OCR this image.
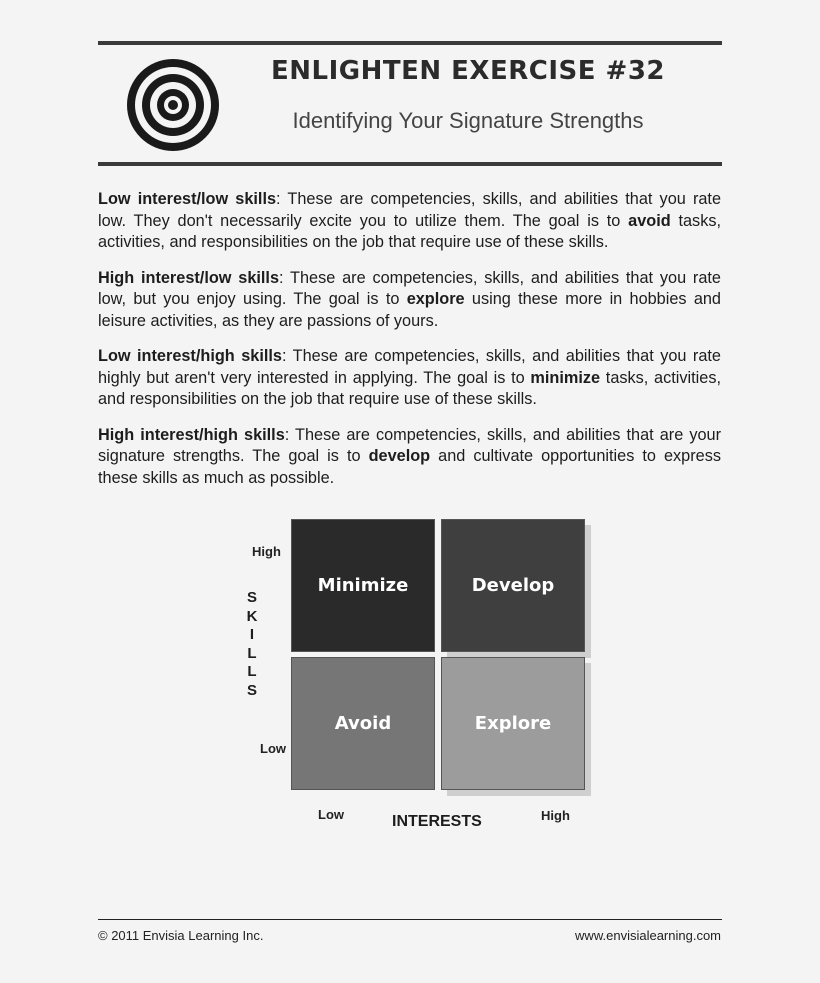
ENLIGHTEN EXERCISE #32
Identifying Your Signature Strengths

Low interest/low skills: These are competencies, skills, and abilities that you rate low. They don't necessarily excite you to utilize them. The goal is to avoid tasks, activities, and responsibilities on the job that require use of these skills.

High interest/low skills: These are competencies, skills, and abilities that you rate low, but you enjoy using. The goal is to explore using these more in hobbies and leisure activities, as they are passions of yours.

Low interest/high skills: These are competencies, skills, and abilities that you rate highly but aren't very interested in applying. The goal is to minimize tasks, activities, and responsibilities on the job that require use of these skills.

High interest/high skills: These are competencies, skills, and abilities that are your signature strengths. The goal is to develop and cultivate opportunities to express these skills as much as possible.

High
S
K
I
L
L
S
Low
Minimize	Develop
Avoid	Explore
Low	INTERESTS	High
© 2011 Envisia Learning Inc.	www.envisialearning.com
